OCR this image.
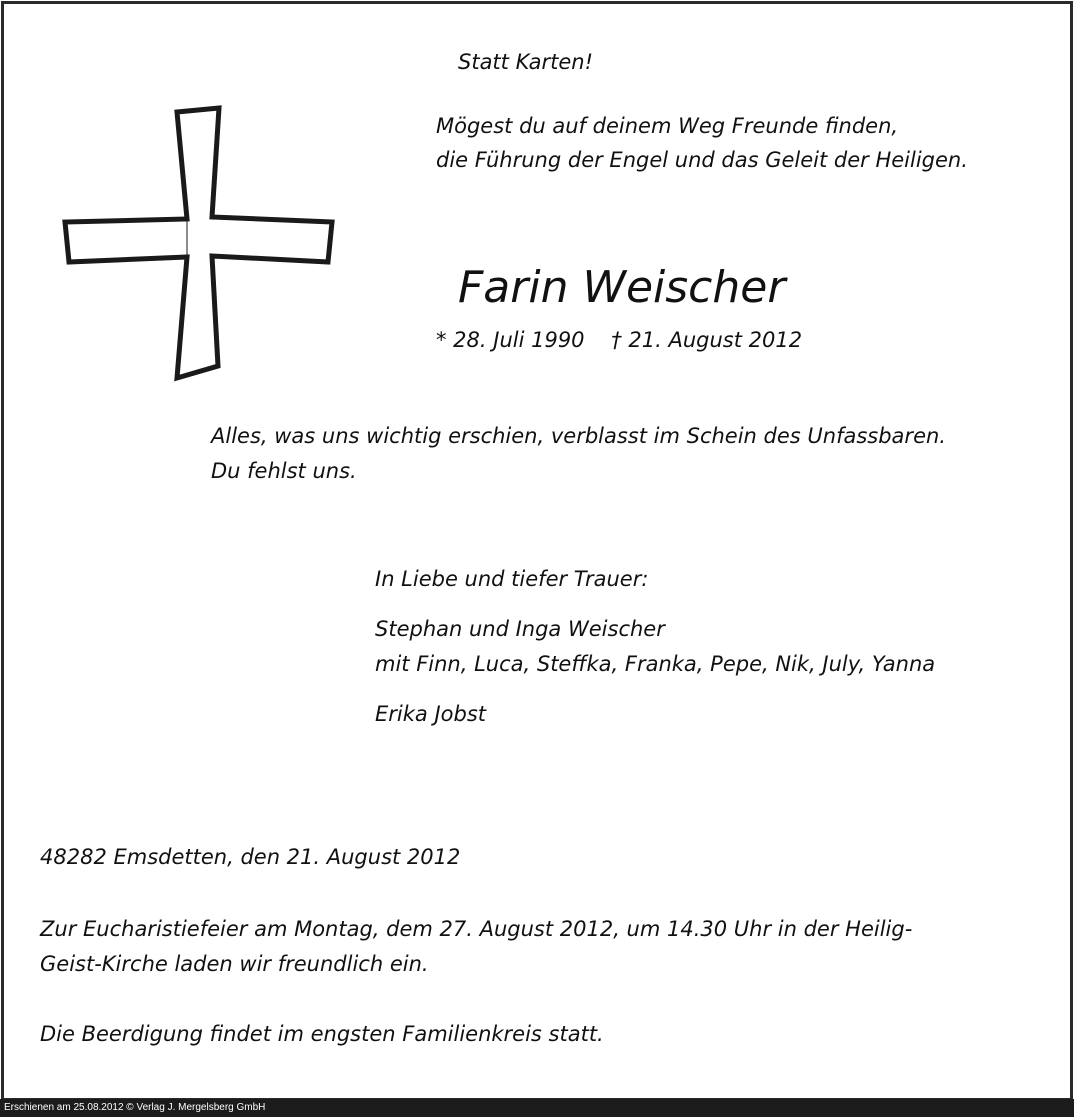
Statt Karten!
Mögest du auf deinem Weg Freunde finden,
die Führung der Engel und das Geleit der Heiligen.
Farin Weischer
* 28. Juli 1990    † 21. August 2012
Alles, was uns wichtig erschien, verblasst im Schein des Unfassbaren.
Du fehlst uns.
In Liebe und tiefer Trauer:
Stephan und Inga Weischer
mit Finn, Luca, Steffka, Franka, Pepe, Nik, July, Yanna
Erika Jobst
48282 Emsdetten, den 21. August 2012
Zur Eucharistiefeier am Montag, dem 27. August 2012, um 14.30 Uhr in der Heilig-
Geist-Kirche laden wir freundlich ein.
Die Beerdigung findet im engsten Familienkreis statt.
Erschienen am 25.08.2012 © Verlag J. Mergelsberg GmbH
